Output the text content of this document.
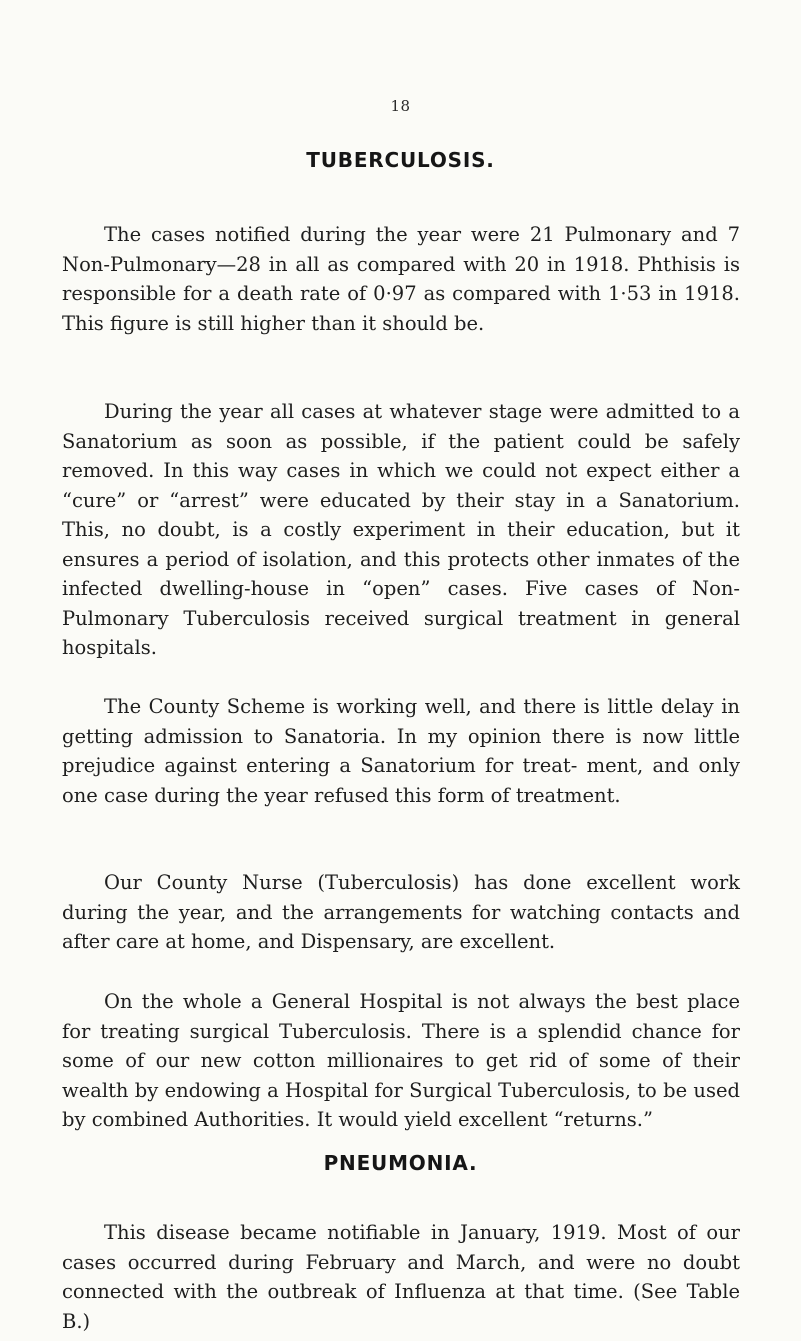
18
TUBERCULOSIS.

The cases notified during the year were 21 Pulmonary and 7 Non-Pulmonary—28 in all as compared with 20 in 1918. Phthisis is responsible for a death rate of 0·97 as compared with 1·53 in 1918. This figure is still higher than it should be.

During the year all cases at whatever stage were admitted to a Sanatorium as soon as possible, if the patient could be safely removed. In this way cases in which we could not expect either a “cure” or “arrest” were educated by their stay in a Sanatorium. This, no doubt, is a costly experiment in their education, but it ensures a period of isolation, and this protects other inmates of the infected dwelling-house in “open” cases. Five cases of Non-Pulmonary Tuberculosis received surgical treatment in general hospitals.

The County Scheme is working well, and there is little delay in getting admission to Sanatoria. In my opinion there is now little prejudice against entering a Sanatorium for treat- ment, and only one case during the year refused this form of treatment.

Our County Nurse (Tuberculosis) has done excellent work during the year, and the arrangements for watching contacts and after care at home, and Dispensary, are excellent.

On the whole a General Hospital is not always the best place for treating surgical Tuberculosis. There is a splendid chance for some of our new cotton millionaires to get rid of some of their wealth by endowing a Hospital for Surgical Tuberculosis, to be used by combined Authorities. It would yield excellent “returns.”

PNEUMONIA.

This disease became notifiable in January, 1919. Most of our cases occurred during February and March, and were no doubt connected with the outbreak of Influenza at that time. (See Table B.)
